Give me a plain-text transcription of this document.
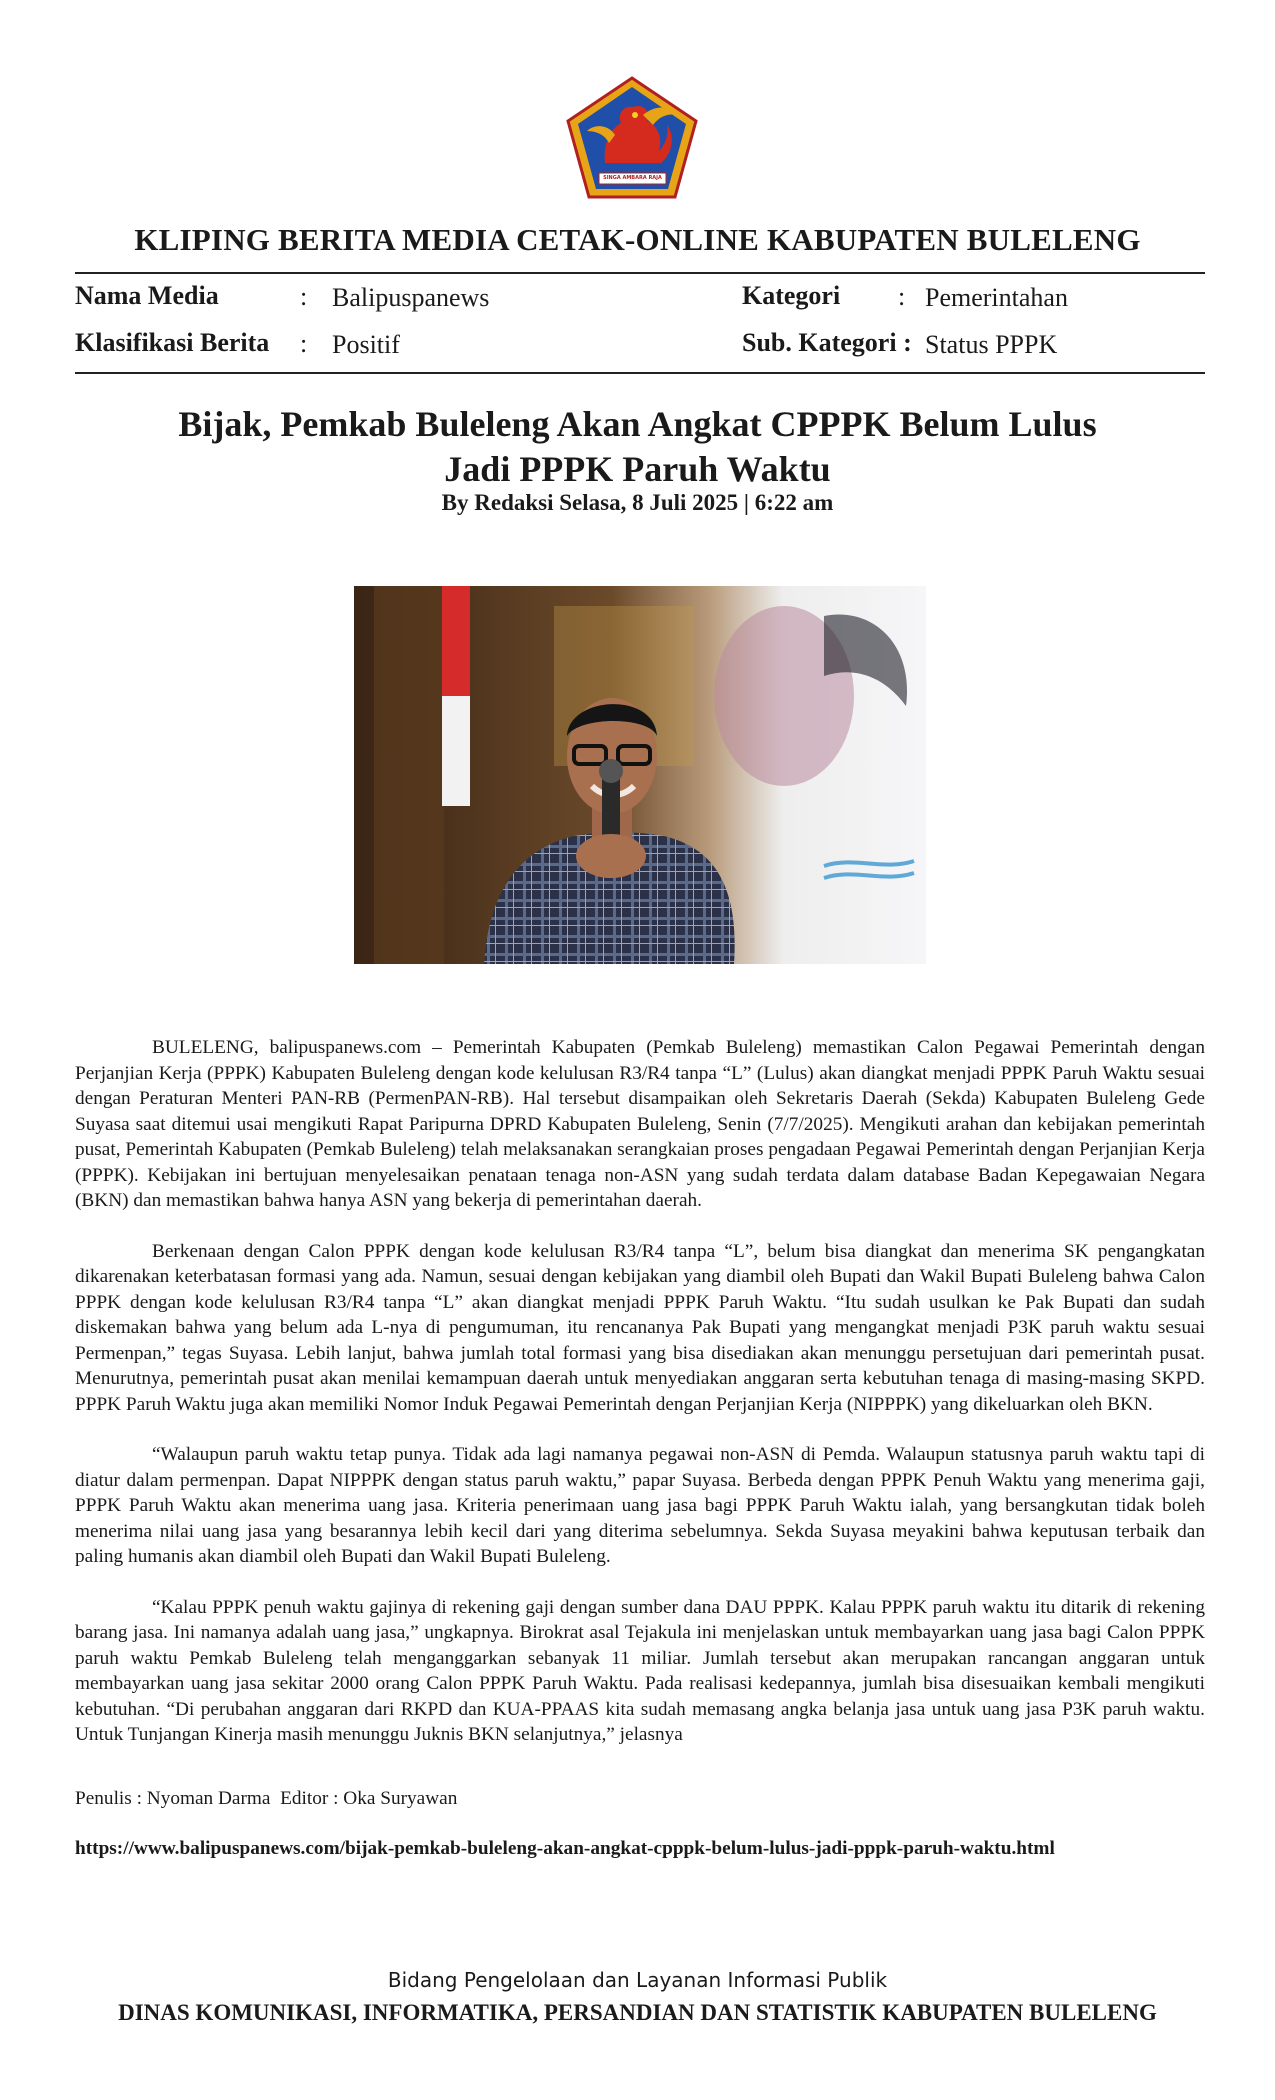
SINGA AMBARA RAJA
KLIPING BERITA MEDIA CETAK-ONLINE KABUPATEN BULELENG
Nama Media	: Balipuspanews
Klasifikasi Berita : Positif
Kategori : Pemerintahan
Sub. Kategori : Status PPPK
Bijak, Pemkab Buleleng Akan Angkat CPPPK Belum Lulus
Jadi PPPK Paruh Waktu
By Redaksi Selasa, 8 Juli 2025 | 6:22 am

BULELENG, balipuspanews.com – Pemerintah Kabupaten (Pemkab Buleleng) memastikan Calon Pegawai Pemerintah dengan Perjanjian Kerja (PPPK) Kabupaten Buleleng dengan kode kelulusan R3/R4 tanpa “L” (Lulus) akan diangkat menjadi PPPK Paruh Waktu sesuai dengan Peraturan Menteri PAN-RB (PermenPAN-RB). Hal tersebut disampaikan oleh Sekretaris Daerah (Sekda) Kabupaten Buleleng Gede Suyasa saat ditemui usai mengikuti Rapat Paripurna DPRD Kabupaten Buleleng, Senin (7/7/2025). Mengikuti arahan dan kebijakan pemerintah pusat, Pemerintah Kabupaten (Pemkab Buleleng) telah melaksanakan serangkaian proses pengadaan Pegawai Pemerintah dengan Perjanjian Kerja (PPPK). Kebijakan ini bertujuan menyelesaikan penataan tenaga non-ASN yang sudah terdata dalam database Badan Kepegawaian Negara (BKN) dan memastikan bahwa hanya ASN yang bekerja di pemerintahan daerah.

Berkenaan dengan Calon PPPK dengan kode kelulusan R3/R4 tanpa “L”, belum bisa diangkat dan menerima SK pengangkatan dikarenakan keterbatasan formasi yang ada. Namun, sesuai dengan kebijakan yang diambil oleh Bupati dan Wakil Bupati Buleleng bahwa Calon PPPK dengan kode kelulusan R3/R4 tanpa “L” akan diangkat menjadi PPPK Paruh Waktu. “Itu sudah usulkan ke Pak Bupati dan sudah diskemakan bahwa yang belum ada L-nya di pengumuman, itu rencananya Pak Bupati yang mengangkat menjadi P3K paruh waktu sesuai Permenpan,” tegas Suyasa. Lebih lanjut, bahwa jumlah total formasi yang bisa disediakan akan menunggu persetujuan dari pemerintah pusat. Menurutnya, pemerintah pusat akan menilai kemampuan daerah untuk menyediakan anggaran serta kebutuhan tenaga di masing-masing SKPD. PPPK Paruh Waktu juga akan memiliki Nomor Induk Pegawai Pemerintah dengan Perjanjian Kerja (NIPPPK) yang dikeluarkan oleh BKN.

“Walaupun paruh waktu tetap punya. Tidak ada lagi namanya pegawai non-ASN di Pemda. Walaupun statusnya paruh waktu tapi di diatur dalam permenpan. Dapat NIPPPK dengan status paruh waktu,” papar Suyasa. Berbeda dengan PPPK Penuh Waktu yang menerima gaji, PPPK Paruh Waktu akan menerima uang jasa. Kriteria penerimaan uang jasa bagi PPPK Paruh Waktu ialah, yang bersangkutan tidak boleh menerima nilai uang jasa yang besarannya lebih kecil dari yang diterima sebelumnya. Sekda Suyasa meyakini bahwa keputusan terbaik dan paling humanis akan diambil oleh Bupati dan Wakil Bupati Buleleng.

“Kalau PPPK penuh waktu gajinya di rekening gaji dengan sumber dana DAU PPPK. Kalau PPPK paruh waktu itu ditarik di rekening barang jasa. Ini namanya adalah uang jasa,” ungkapnya. Birokrat asal Tejakula ini menjelaskan untuk membayarkan uang jasa bagi Calon PPPK paruh waktu Pemkab Buleleng telah menganggarkan sebanyak 11 miliar. Jumlah tersebut akan merupakan rancangan anggaran untuk membayarkan uang jasa sekitar 2000 orang Calon PPPK Paruh Waktu. Pada realisasi kedepannya, jumlah bisa disesuaikan kembali mengikuti kebutuhan. “Di perubahan anggaran dari RKPD dan KUA-PPAAS kita sudah memasang angka belanja jasa untuk uang jasa P3K paruh waktu. Untuk Tunjangan Kinerja masih menunggu Juknis BKN selanjutnya,” jelasnya

Penulis : Nyoman Darma  Editor : Oka Suryawan
https://www.balipuspanews.com/bijak-pemkab-buleleng-akan-angkat-cpppk-belum-lulus-jadi-pppk-paruh-waktu.html
Bidang Pengelolaan dan Layanan Informasi Publik
DINAS KOMUNIKASI, INFORMATIKA, PERSANDIAN DAN STATISTIK KABUPATEN BULELENG
